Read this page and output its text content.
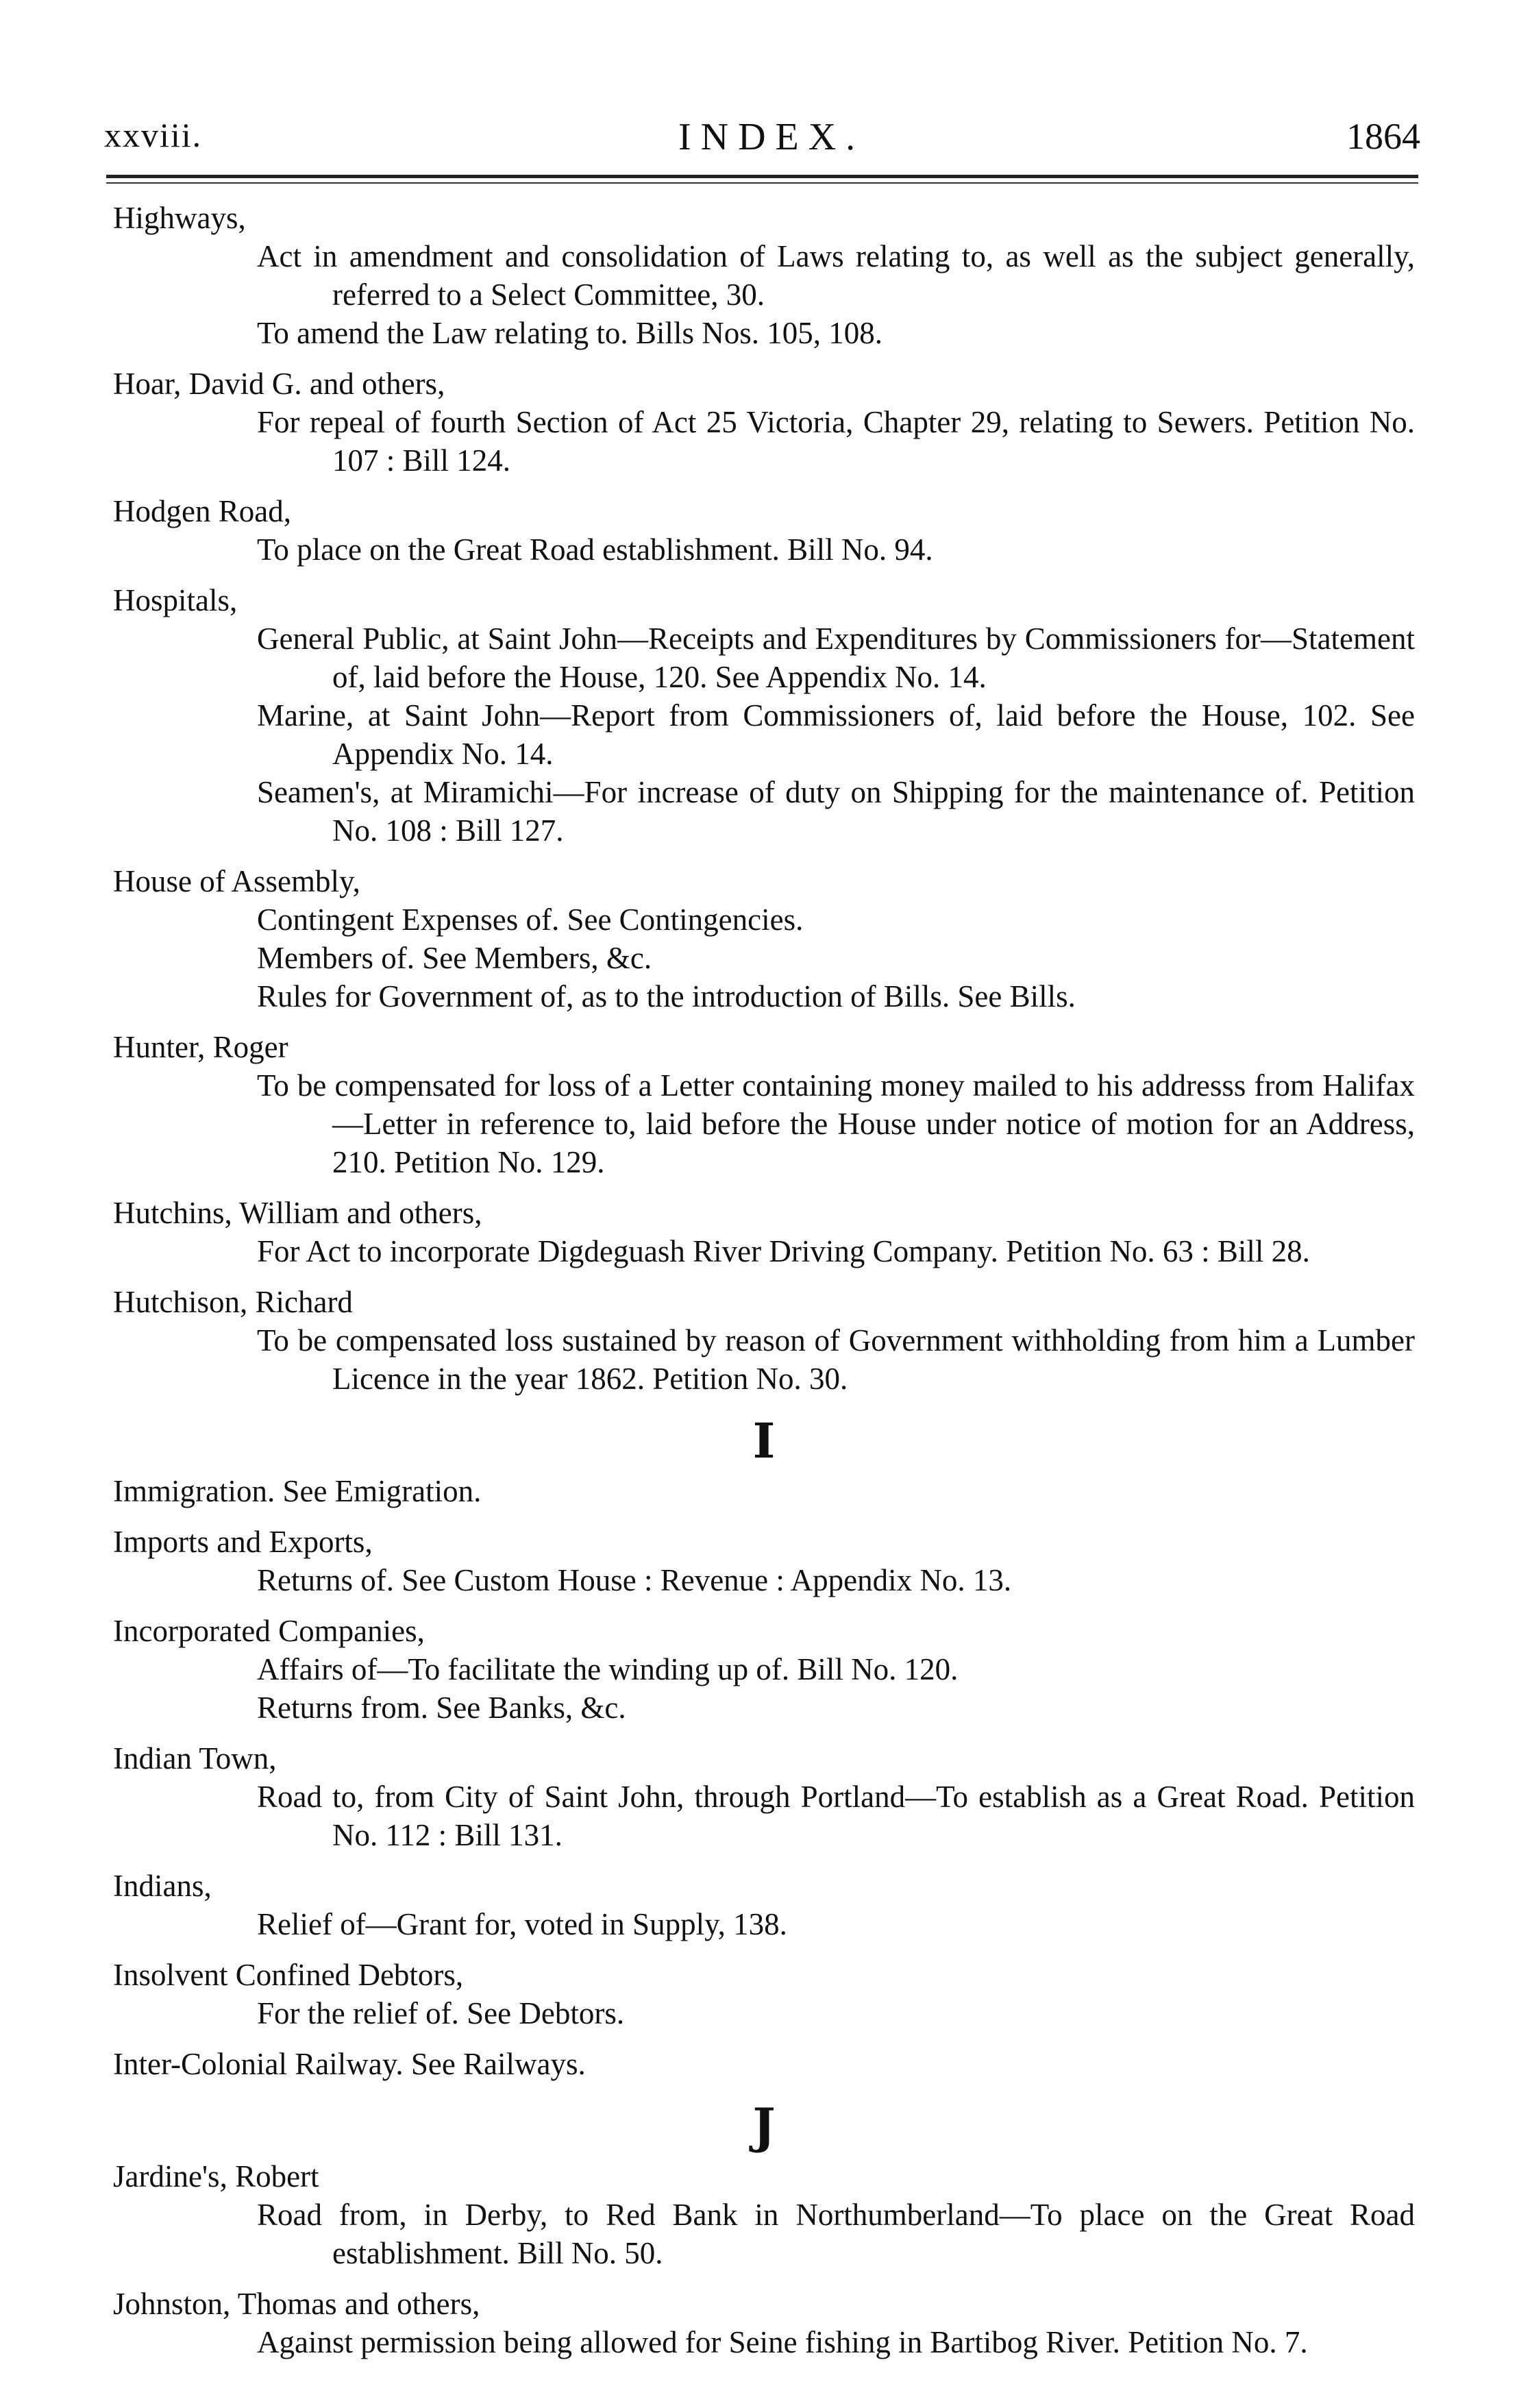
xxviii.	INDEX.	1864
Highways,
Act in amendment and consolidation of Laws relating to, as well as the subject generally, referred to a Select Committee, 30.
To amend the Law relating to. Bills Nos. 105, 108.
Hoar, David G. and others,
For repeal of fourth Section of Act 25 Victoria, Chapter 29, relating to Sewers. Petition No. 107 : Bill 124.
Hodgen Road,
To place on the Great Road establishment. Bill No. 94.
Hospitals,
General Public, at Saint John—Receipts and Expenditures by Commissioners for—Statement of, laid before the House, 120. See Appendix No. 14.
Marine, at Saint John—Report from Commissioners of, laid before the House, 102. See Appendix No. 14.
Seamen's, at Miramichi—For increase of duty on Shipping for the maintenance of. Petition No. 108 : Bill 127.
House of Assembly,
Contingent Expenses of. See Contingencies.
Members of. See Members, &c.
Rules for Government of, as to the introduction of Bills. See Bills.
Hunter, Roger
To be compensated for loss of a Letter containing money mailed to his addresss from Halifax—Letter in reference to, laid before the House under notice of motion for an Address, 210. Petition No. 129.
Hutchins, William and others,
For Act to incorporate Digdeguash River Driving Company. Petition No. 63 : Bill 28.
Hutchison, Richard
To be compensated loss sustained by reason of Government withholding from him a Lumber Licence in the year 1862. Petition No. 30.
I
Immigration. See Emigration.
Imports and Exports,
Returns of. See Custom House : Revenue : Appendix No. 13.
Incorporated Companies,
Affairs of—To facilitate the winding up of. Bill No. 120.
Returns from. See Banks, &c.
Indian Town,
Road to, from City of Saint John, through Portland—To establish as a Great Road. Petition No. 112 : Bill 131.
Indians,
Relief of—Grant for, voted in Supply, 138.
Insolvent Confined Debtors,
For the relief of. See Debtors.
Inter-Colonial Railway. See Railways.
J
Jardine's, Robert
Road from, in Derby, to Red Bank in Northumberland—To place on the Great Road establishment. Bill No. 50.
Johnston, Thomas and others,
Against permission being allowed for Seine fishing in Bartibog River. Petition No. 7.
